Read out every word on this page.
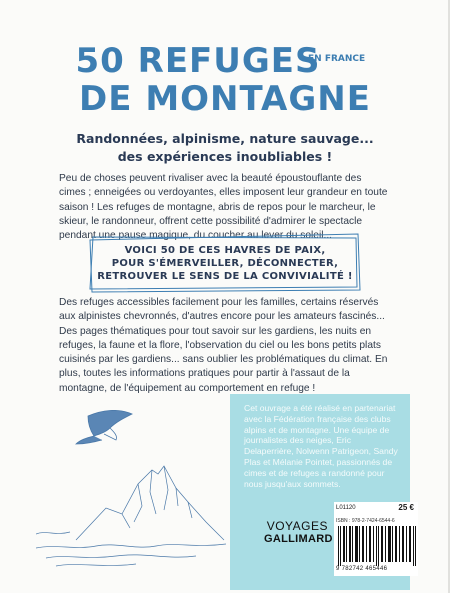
50 REFUGES
EN FRANCE
DE MONTAGNE
Randonnées, alpinisme, nature sauvage...
des expériences inoubliables !
Peu de choses peuvent rivaliser avec la beauté époustouflante des cimes ; enneigées ou verdoyantes, elles imposent leur grandeur en toute saison ! Les refuges de montagne, abris de repos pour le marcheur, le skieur, le randonneur, offrent cette possibilité d'admirer le spectacle pendant une pause magique, du coucher au lever du soleil...
VOICI 50 DE CES HAVRES DE PAIX,
POUR S'ÉMERVEILLER, DÉCONNECTER,
RETROUVER LE SENS DE LA CONVIVIALITÉ !
Des refuges accessibles facilement pour les familles, certains réservés aux alpinistes chevronnés, d'autres encore pour les amateurs fascinés... Des pages thématiques pour tout savoir sur les gardiens, les nuits en refuges, la faune et la flore, l'observation du ciel ou les bons petits plats cuisinés par les gardiens... sans oublier les problématiques du climat. En plus, toutes les informations pratiques pour partir à l'assaut de la montagne, de l'équipement au comportement en refuge !
Cet ouvrage a été réalisé en partenariat avec la Fédération française des clubs alpins et de montagne. Une équipe de journalistes des neiges, Eric Delaperrière, Nolwenn Patrigeon, Sandy Plas et Mélanie Pointet, passionnés de cimes et de refuges a randonné pour nous jusqu'aux sommets.
L01120	25 €
ISBN : 978-2-7424-6544-6
9 782742 465446
VOYAGES
GALLIMARD
